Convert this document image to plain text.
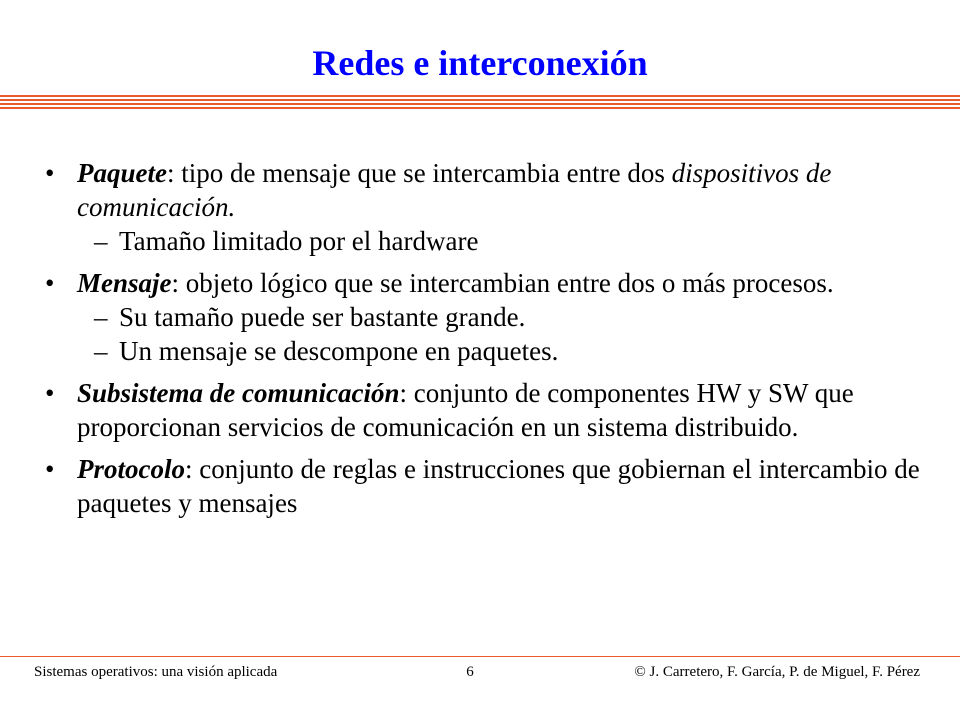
Redes e interconexión
• Paquete: tipo de mensaje que se intercambia entre dos dispositivos de comunicación.
– Tamaño limitado por el hardware
• Mensaje: objeto lógico que se intercambian entre dos o más procesos.
– Su tamaño puede ser bastante grande.
– Un mensaje se descompone en paquetes.
• Subsistema de comunicación: conjunto de componentes HW y SW que proporcionan servicios de comunicación en un sistema distribuido.
• Protocolo: conjunto de reglas e instrucciones que gobiernan el intercambio de paquetes y mensajes
Sistemas operativos: una visión aplicada	6	© J. Carretero, F. García, P. de Miguel, F. Pérez
